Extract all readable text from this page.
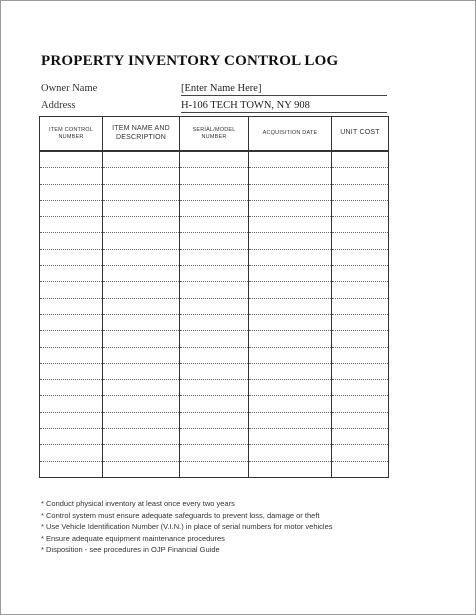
PROPERTY INVENTORY CONTROL LOG
Owner Name	[Enter Name Here]
Address	H-106 TECH TOWN, NY 908
ITEM CONTROL NUMBER	ITEM NAME AND DESCRIPTION	SERIAL/MODEL NUMBER	ACQUISITION DATE	UNIT COST

* Conduct physical inventory at least once every two years
* Control system must ensure adequate safeguards to prevent loss, damage or theft
* Use Vehicle Identification Number (V.I.N.) in place of serial numbers for motor vehicles
* Ensure adequate equipment maintenance procedures
* Disposition - see procedures in OJP Financial Guide
